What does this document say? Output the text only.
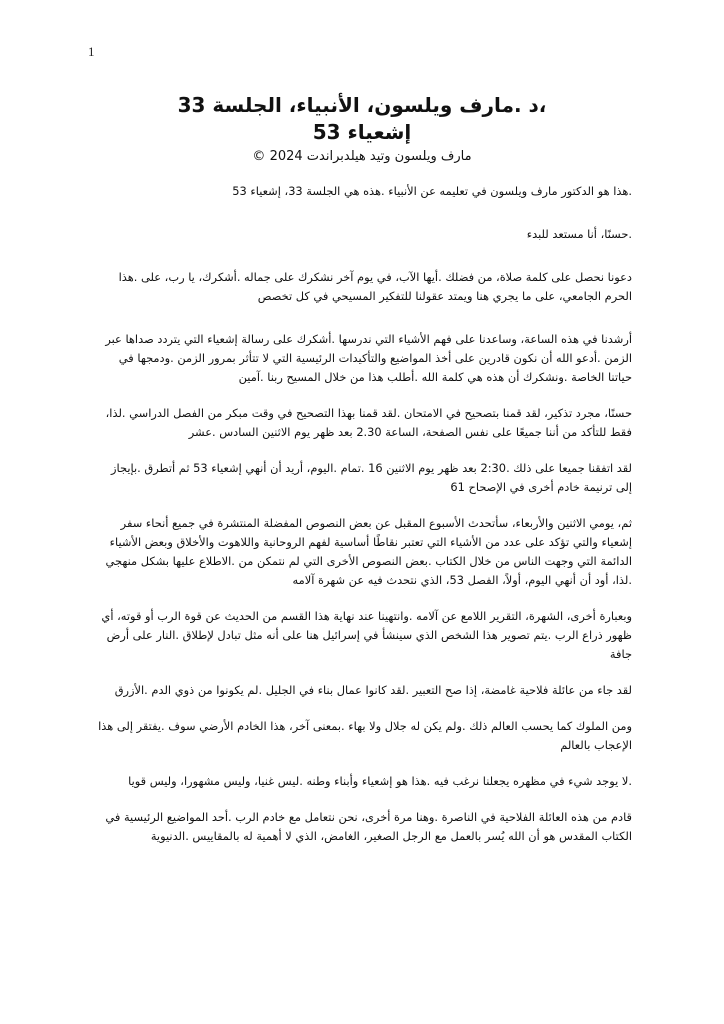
1
،د .مارف ويلسون، الأنبياء، الجلسة 33
إشعياء 53
مارف ويلسون وتيد هيلدبراندت 2024 ©

.هذا هو الدكتور مارف ويلسون في تعليمه عن الأنبياء .هذه هي الجلسة 33، إشعياء 53

.حسنًا، أنا مستعد للبدء

دعونا نحصل على كلمة صلاة، من فضلك .أيها الآب، في يوم آخر نشكرك على جماله .أشكرك، يا رب، على .هذا الحرم الجامعي، على ما يجري هنا ويمتد عقولنا للتفكير المسيحي في كل تخصص

أرشدنا في هذه الساعة، وساعدنا على فهم الأشياء التي ندرسها .أشكرك على رسالة إشعياء التي يتردد صداها عبر الزمن .أدعو الله أن نكون قادرين على أخذ المواضيع والتأكيدات الرئيسية التي لا تتأثر بمرور الزمن .ودمجها في حياتنا الخاصة .ونشكرك أن هذه هي كلمة الله .أطلب هذا من خلال المسيح ربنا .آمين

حسنًا، مجرد تذكير، لقد قمنا بتصحيح في الامتحان .لقد قمنا بهذا التصحيح في وقت مبكر من الفصل الدراسي .لذا، فقط للتأكد من أننا جميعًا على نفس الصفحة، الساعة 2.30 بعد ظهر يوم الاثنين السادس .عشر

لقد اتفقنا جميعا على ذلك .2:30 بعد ظهر يوم الاثنين 16 .تمام .اليوم، أريد أن أنهي إشعياء 53 ثم أتطرق .بإيجاز إلى ترنيمة خادم أخرى في الإصحاح 61

ثم، يومي الاثنين والأربعاء، سأتحدث الأسبوع المقبل عن بعض النصوص المفضلة المنتشرة في جميع أنحاء سفر إشعياء والتي تؤكد على عدد من الأشياء التي تعتبر نقاطًا أساسية لفهم الروحانية واللاهوت والأخلاق وبعض الأشياء الدائمة التي وجهت الناس من خلال الكتاب .بعض النصوص الأخرى التي لم نتمكن من .الاطلاع عليها بشكل منهجي .لذا، أود أن أنهي اليوم، أولاً، الفصل 53، الذي نتحدث فيه عن شهرة آلامه

وبعبارة أخرى، الشهرة، التقرير اللامع عن آلامه .وانتهينا عند نهاية هذا القسم من الحديث عن قوة الرب أو قوته، أي ظهور ذراع الرب .يتم تصوير هذا الشخص الذي سينشأ في إسرائيل هنا على أنه مثل تبادل لإطلاق .النار على أرض جافة

لقد جاء من عائلة فلاحية غامضة، إذا صح التعبير .لقد كانوا عمال بناء في الجليل .لم يكونوا من ذوي الدم .الأزرق

ومن الملوك كما يحسب العالم ذلك .ولم يكن له جلال ولا بهاء .بمعنى آخر، هذا الخادم الأرضي سوف .يفتقر إلى هذا الإعجاب بالعالم

.لا يوجد شيء في مظهره يجعلنا نرغب فيه .هذا هو إشعياء وأبناء وطنه .ليس غنيا، وليس مشهورا، وليس قويا

قادم من هذه العائلة الفلاحية في الناصرة .وهنا مرة أخرى، نحن نتعامل مع خادم الرب .أحد المواضيع الرئيسية في الكتاب المقدس هو أن الله يُسر بالعمل مع الرجل الصغير، الغامض، الذي لا أهمية له بالمقاييس .الدنيوية
